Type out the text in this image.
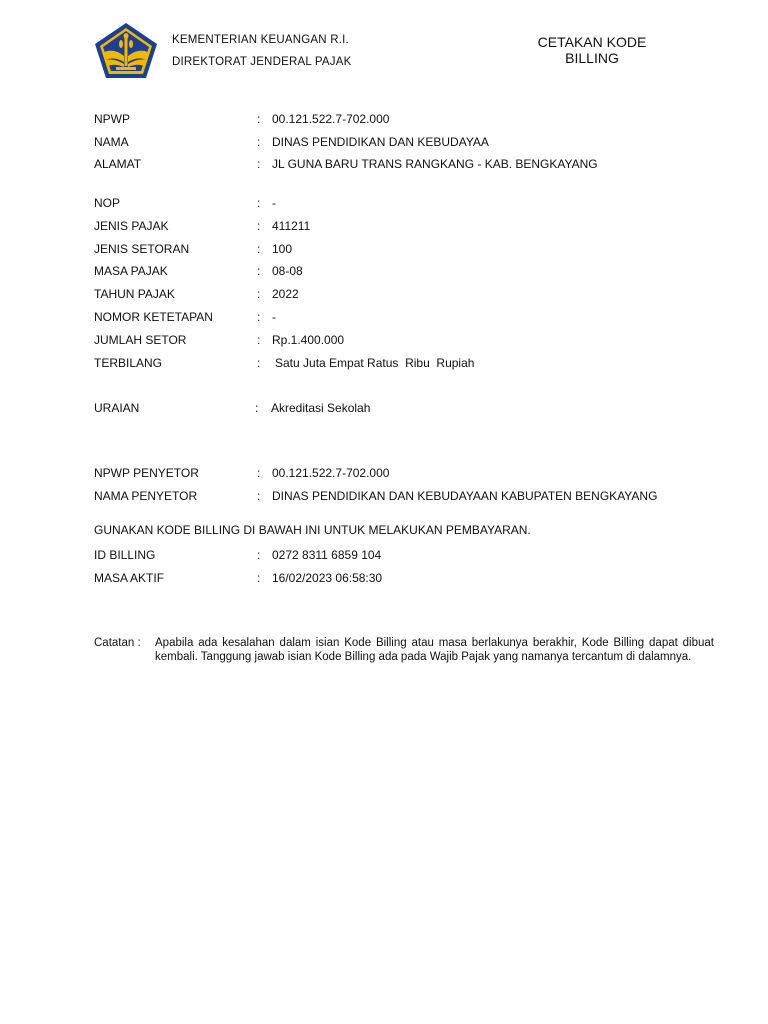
KEMENTERIAN KEUANGAN R.I.
DIREKTORAT JENDERAL PAJAK
CETAKAN KODE
BILLING
NPWP	: 00.121.522.7-702.000
NAMA	: DINAS PENDIDIKAN DAN KEBUDAYAA
ALAMAT	: JL GUNA BARU TRANS RANGKANG - KAB. BENGKAYANG
NOP	: -
JENIS PAJAK	: 411211
JENIS SETORAN	: 100
MASA PAJAK	: 08-08
TAHUN PAJAK	: 2022
NOMOR KETETAPAN	: -
JUMLAH SETOR	: Rp.1.400.000
TERBILANG	: Satu Juta Empat Ratus  Ribu  Rupiah
URAIAN	: Akreditasi Sekolah
NPWP PENYETOR	: 00.121.522.7-702.000
NAMA PENYETOR	: DINAS PENDIDIKAN DAN KEBUDAYAAN KABUPATEN BENGKAYANG
GUNAKAN KODE BILLING DI BAWAH INI UNTUK MELAKUKAN PEMBAYARAN.
ID BILLING	: 0272 8311 6859 104
MASA AKTIF	: 16/02/2023 06:58:30
Catatan : Apabila ada kesalahan dalam isian Kode Billing atau masa berlakunya berakhir, Kode Billing dapat dibuat kembali. Tanggung jawab isian Kode Billing ada pada Wajib Pajak yang namanya tercantum di dalamnya.
